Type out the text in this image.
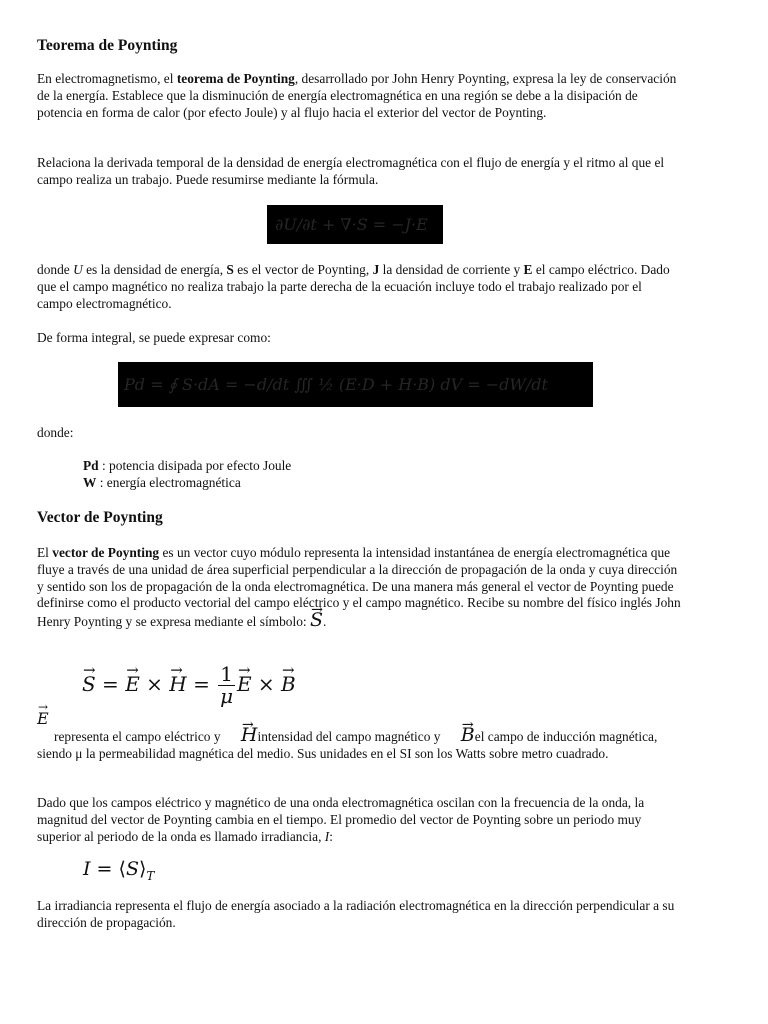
Teorema de Poynting

En electromagnetismo, el teorema de Poynting, desarrollado por John Henry Poynting, expresa la ley de conservación de la energía. Establece que la disminución de energía electromagnética en una región se debe a la disipación de potencia en forma de calor (por efecto Joule) y al flujo hacia el exterior del vector de Poynting.

Relaciona la derivada temporal de la densidad de energía electromagnética con el flujo de energía y el ritmo al que el campo realiza un trabajo. Puede resumirse mediante la fórmula.

∂U/∂t + ∇·S = −J·E

donde U es la densidad de energía, S es el vector de Poynting, J la densidad de corriente y E el campo eléctrico. Dado que el campo magnético no realiza trabajo la parte derecha de la ecuación incluye todo el trabajo realizado por el campo electromagnético.

De forma integral, se puede expresar como:

Pd = ∮ S·dA = −d/dt ∭ ½ (E·D + H·B) dV = −dW/dt

donde:

Pd : potencia disipada por efecto Joule

W : energía electromagnética

Vector de Poynting

El vector de Poynting es un vector cuyo módulo representa la intensidad instantánea de energía electromagnética que fluye a través de una unidad de área superficial perpendicular a la dirección de propagación de la onda y cuya dirección y sentido son los de propagación de la onda electromagnética. De una manera más general el vector de Poynting puede definirse como el producto vectorial del campo eléctrico y el campo magnético. Recibe su nombre del físico inglés John Henry Poynting y se expresa mediante el símbolo: → S.

→ S = → E × → $H = \frac{1}{\mu}$
→ E × → B
→ E

representa el campo eléctrico y → Hintensidad del campo magnético y → Bel campo de inducción magnética, siendo μ la permeabilidad magnética del medio. Sus unidades en el SI son los Watts sobre metro cuadrado.

Dado que los campos eléctrico y magnético de una onda electromagnética oscilan con la frecuencia de la onda, la magnitud del vector de Poynting cambia en el tiempo. El promedio del vector de Poynting sobre un periodo muy superior al periodo de la onda es llamado irradiancia, I:

$I = ⟨S⟩_T$

La irradiancia representa el flujo de energía asociado a la radiación electromagnética en la dirección perpendicular a su dirección de propagación.
